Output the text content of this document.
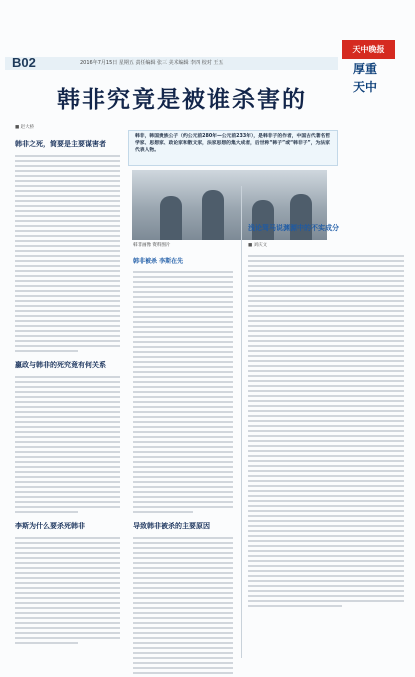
B02	2016年7月15日 星期五 责任编辑 张三 美术编辑 李四 校对 王五
天中晚报
厚重
天中
韩非究竟是被谁杀害的
韩非，韩国贵族公子（约公元前280年—公元前233年），是韩非子的作者，中国古代著名哲学家、思想家、政论家和散文家，法家思想的集大成者，后世称“韩子”或“韩非子”，为法家代表人物。
■ 赵大桥
韩非之死，简要是主要谋害者
嬴政与韩非的死究竟有何关系
李斯为什么要杀死韩非
韩非画像 资料图片
韩非被杀 李斯在先
导致韩非被杀的主要原因
浅论驾马说渊源中的不实成分
■ 刘庆文
